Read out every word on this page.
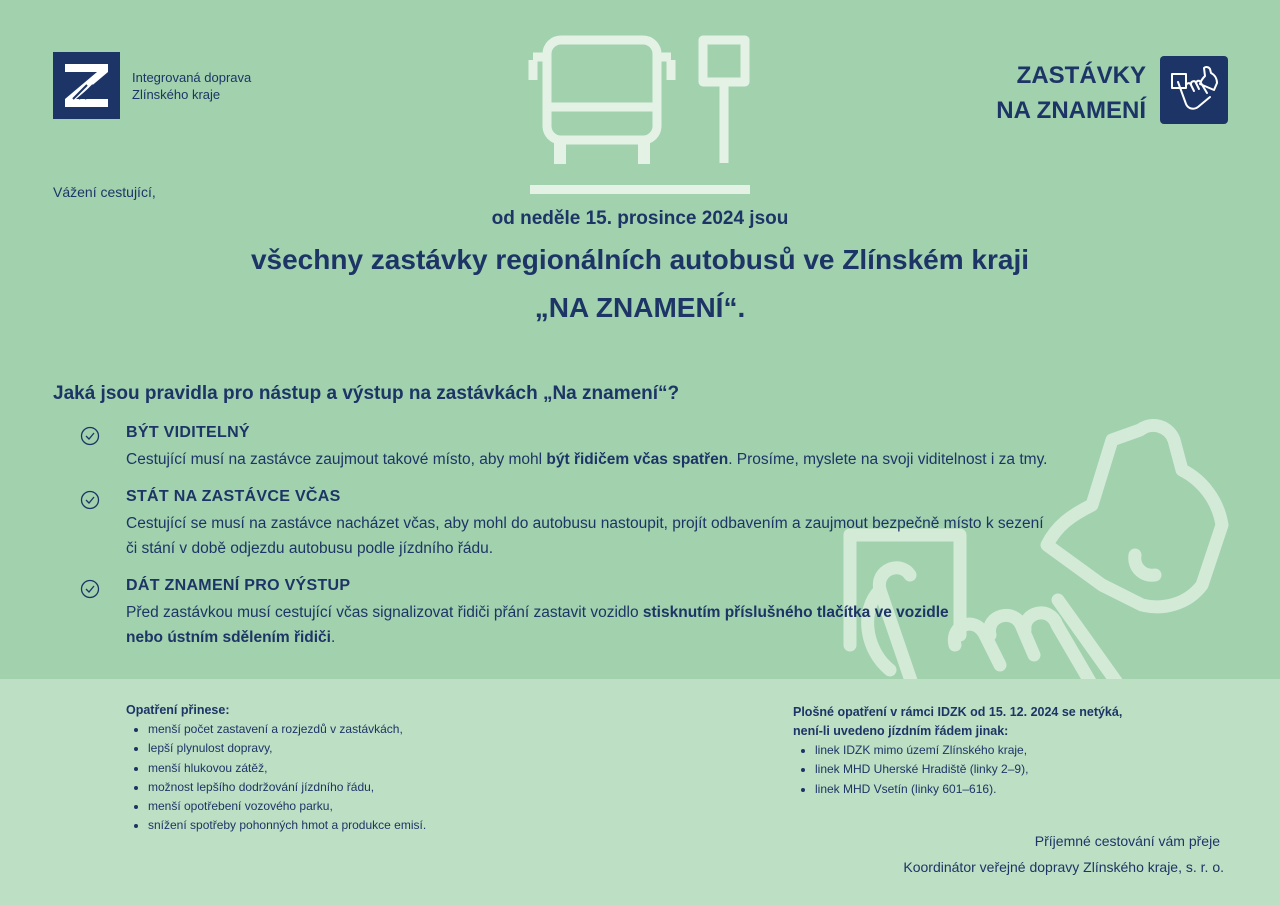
Integrovaná doprava
Zlínského kraje
ZASTÁVKY
NA ZNAMENÍ
Vážení cestující,
od neděle 15. prosince 2024 jsou
všechny zastávky regionálních autobusů ve Zlínském kraji
„NA ZNAMENÍ“.
Jaká jsou pravidla pro nástup a výstup na zastávkách „Na znamení“?
BÝT VIDITELNÝ
Cestující musí na zastávce zaujmout takové místo, aby mohl být řidičem včas spatřen. Prosíme, myslete na svoji viditelnost i za tmy.
STÁT NA ZASTÁVCE VČAS
Cestující se musí na zastávce nacházet včas, aby mohl do autobusu nastoupit, projít odbavením a zaujmout bezpečně místo k sezení
či stání v době odjezdu autobusu podle jízdního řádu.
DÁT ZNAMENÍ PRO VÝSTUP
Před zastávkou musí cestující včas signalizovat řidiči přání zastavit vozidlo stisknutím příslušného tlačítka ve vozidle
nebo ústním sdělením řidiči.
Opatření přinese:
• menší počet zastavení a rozjezdů v zastávkách,
• lepší plynulost dopravy,
• menší hlukovou zátěž,
• možnost lepšího dodržování jízdního řádu,
• menší opotřebení vozového parku,
• snížení spotřeby pohonných hmot a produkce emisí.
Plošné opatření v rámci IDZK od 15. 12. 2024 se netýká,
není-li uvedeno jízdním řádem jinak:
• linek IDZK mimo území Zlínského kraje,
• linek MHD Uherské Hradiště (linky 2–9),
• linek MHD Vsetín (linky 601–616).
Příjemné cestování vám přeje
Koordinátor veřejné dopravy Zlínského kraje, s. r. o.
